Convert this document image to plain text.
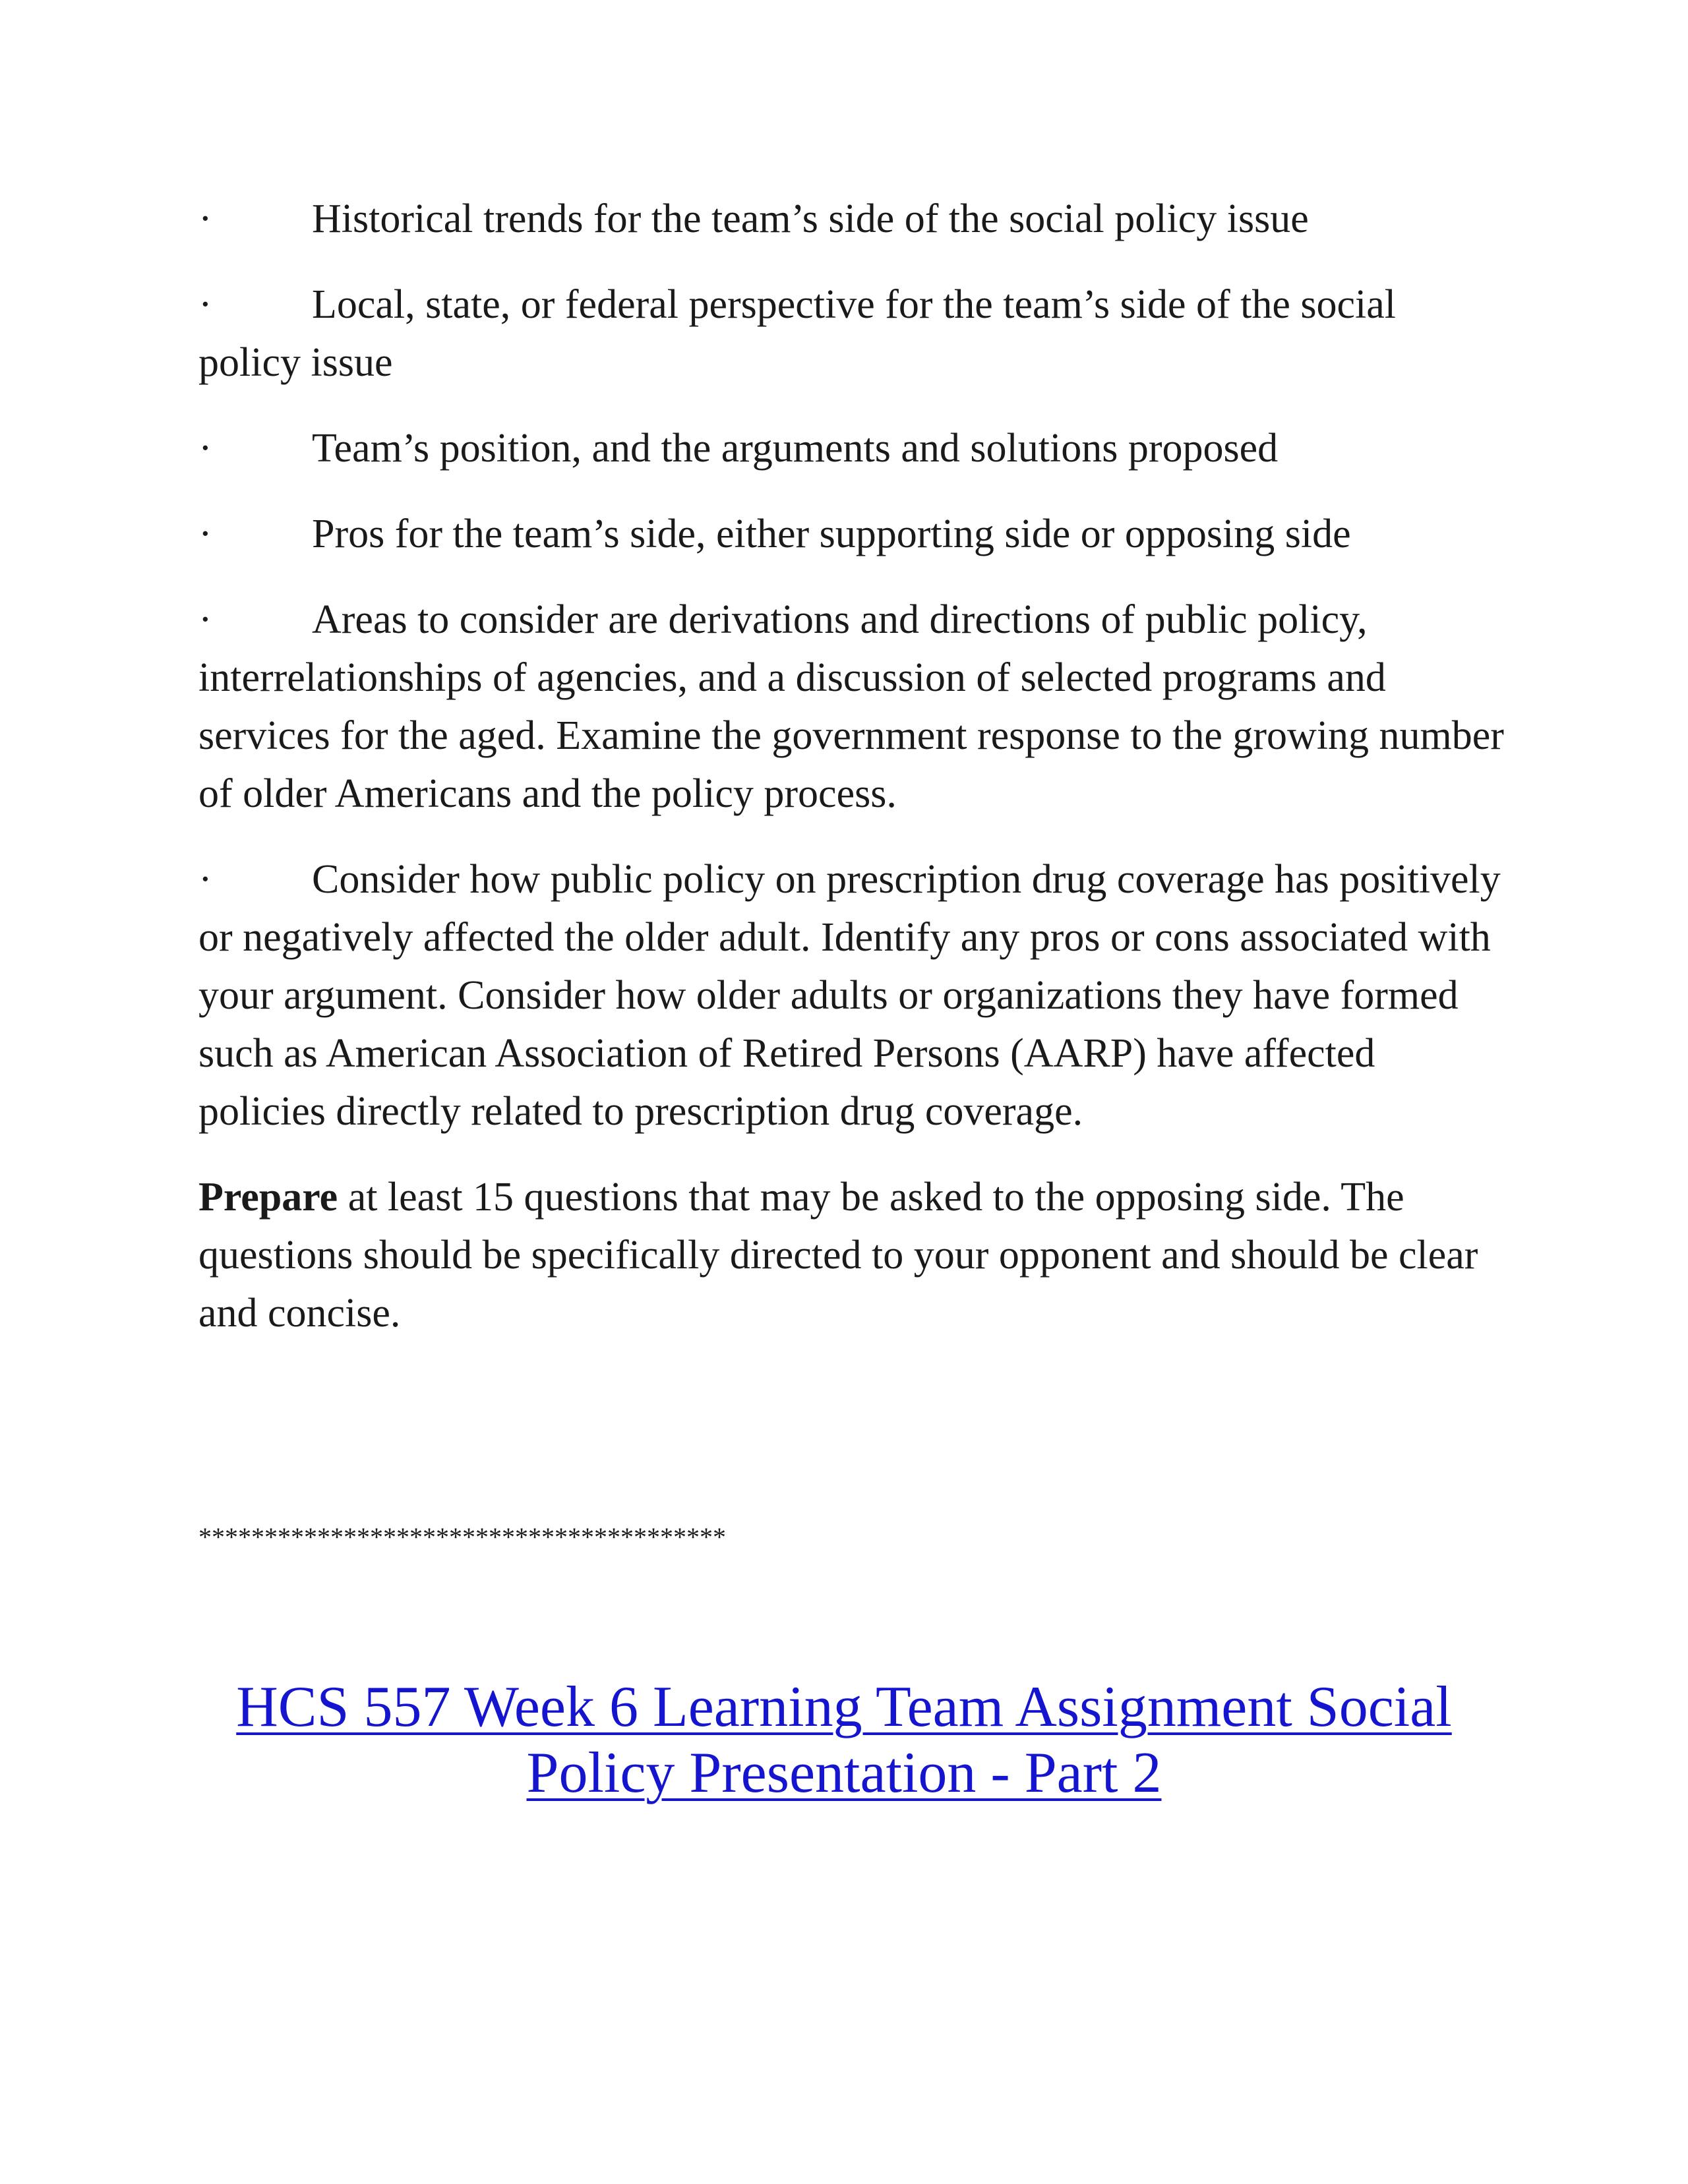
· Historical trends for the team’s side of the social policy issue

· Local, state, or federal perspective for the team’s side of the social policy issue

· Team’s position, and the arguments and solutions proposed

· Pros for the team’s side, either supporting side or opposing side

· Areas to consider are derivations and directions of public policy, interrelationships of agencies, and a discussion of selected programs and services for the aged. Examine the government response to the growing number of older Americans and the policy process.

· Consider how public policy on prescription drug coverage has positively or negatively affected the older adult. Identify any pros or cons associated with your argument. Consider how older adults or organizations they have formed such as American Association of Retired Persons (AARP) have affected policies directly related to prescription drug coverage.

Prepare at least 15 questions that may be asked to the opposing side. The questions should be specifically directed to your opponent and should be clear and concise.

****************************************
HCS 557 Week 6 Learning Team Assignment Social
Policy Presentation - Part 2
